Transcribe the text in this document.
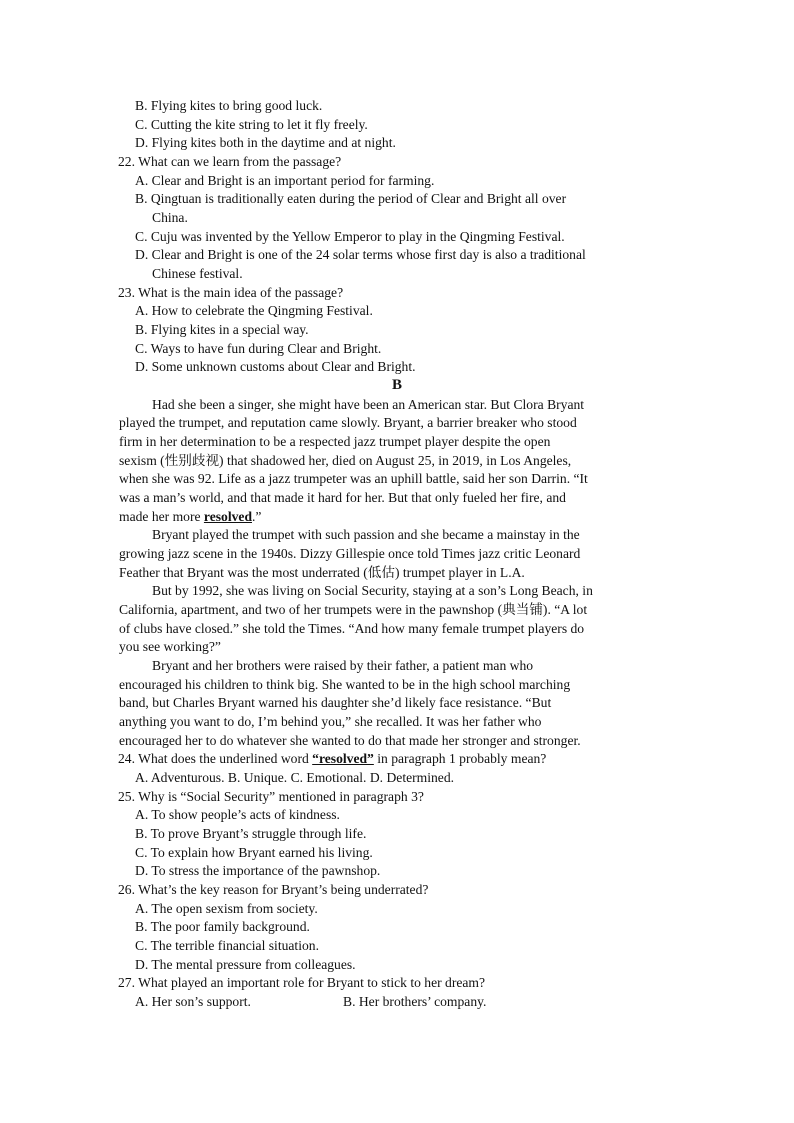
B. Flying kites to bring good luck.
C. Cutting the kite string to let it fly freely.
D. Flying kites both in the daytime and at night.
22. What can we learn from the passage?
A. Clear and Bright is an important period for farming.
B. Qingtuan is traditionally eaten during the period of Clear and Bright all over
China.
C. Cuju was invented by the Yellow Emperor to play in the Qingming Festival.
D. Clear and Bright is one of the 24 solar terms whose first day is also a traditional
Chinese festival.
23. What is the main idea of the passage?
A. How to celebrate the Qingming Festival.
B. Flying kites in a special way.
C. Ways to have fun during Clear and Bright.
D. Some unknown customs about Clear and Bright.
B
Had she been a singer, she might have been an American star. But Clora Bryant
played the trumpet, and reputation came slowly. Bryant, a barrier breaker who stood
firm in her determination to be a respected jazz trumpet player despite the open
sexism (性别歧视) that shadowed her, died on August 25, in 2019, in Los Angeles,
when she was 92. Life as a jazz trumpeter was an uphill battle, said her son Darrin. “It
was a man’s world, and that made it hard for her. But that only fueled her fire, and
made her more resolved.”
Bryant played the trumpet with such passion and she became a mainstay in the
growing jazz scene in the 1940s. Dizzy Gillespie once told Times jazz critic Leonard
Feather that Bryant was the most underrated (低估) trumpet player in L.A.
But by 1992, she was living on Social Security, staying at a son’s Long Beach, in
California, apartment, and two of her trumpets were in the pawnshop (典当铺). “A lot
of clubs have closed.” she told the Times. “And how many female trumpet players do
you see working?”
Bryant and her brothers were raised by their father, a patient man who
encouraged his children to think big. She wanted to be in the high school marching
band, but Charles Bryant warned his daughter she’d likely face resistance. “But
anything you want to do, I’m behind you,” she recalled. It was her father who
encouraged her to do whatever she wanted to do that made her stronger and stronger.
24. What does the underlined word “resolved” in paragraph 1 probably mean?
A. Adventurous. B. Unique. C. Emotional. D. Determined.
25. Why is “Social Security” mentioned in paragraph 3?
A. To show people’s acts of kindness.
B. To prove Bryant’s struggle through life.
C. To explain how Bryant earned his living.
D. To stress the importance of the pawnshop.
26. What’s the key reason for Bryant’s being underrated?
A. The open sexism from society.
B. The poor family background.
C. The terrible financial situation.
D. The mental pressure from colleagues.
27. What played an important role for Bryant to stick to her dream?
A. Her son’s support.	B. Her brothers’ company.
